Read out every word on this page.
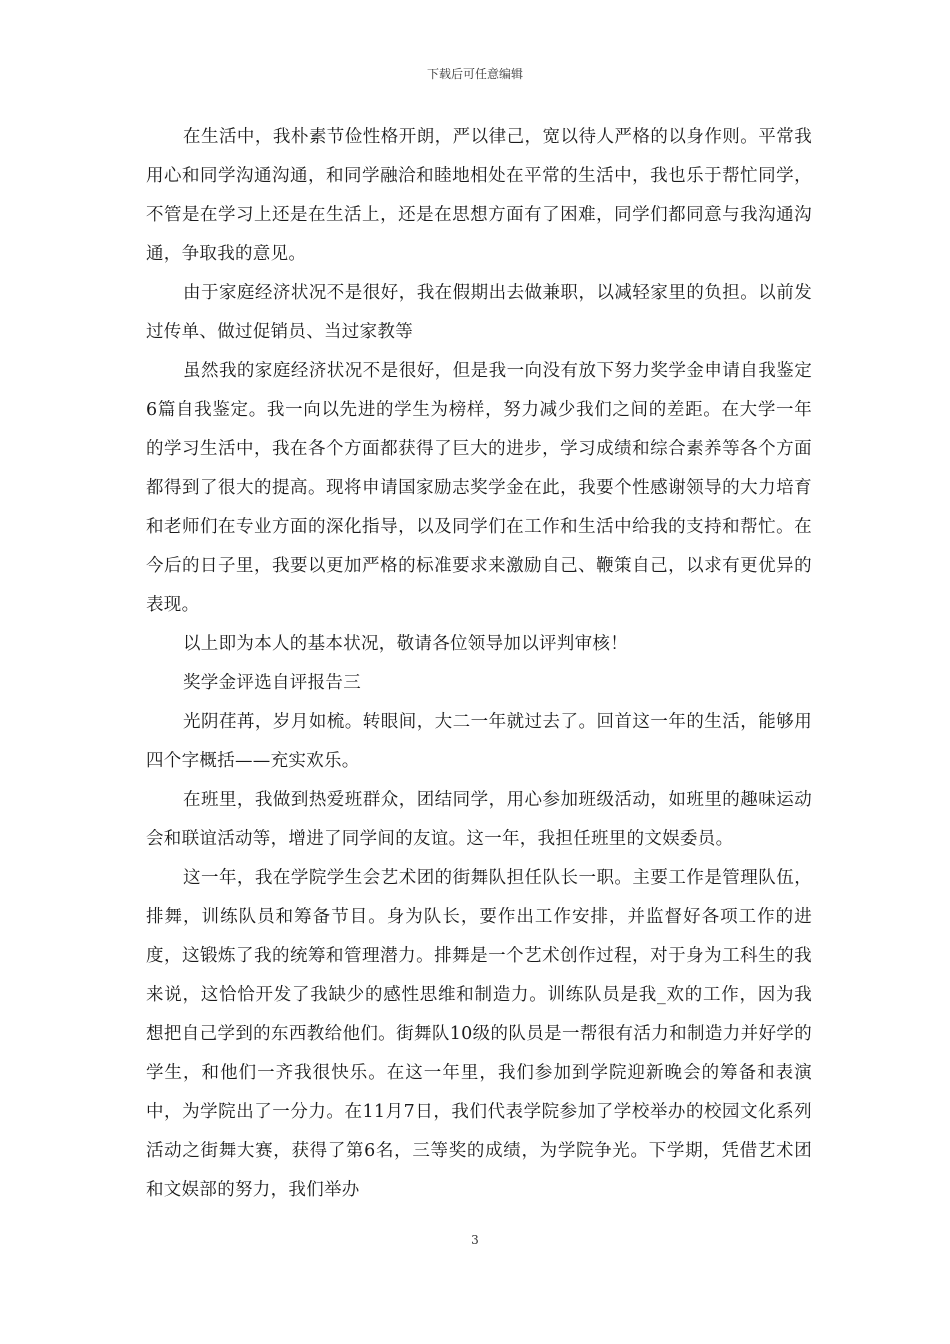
下载后可任意编辑

在生活中，我朴素节俭性格开朗，严以律己，宽以待人严格的以身作则。平常我用心和同学沟通沟通，和同学融洽和睦地相处在平常的生活中，我也乐于帮忙同学，不管是在学习上还是在生活上，还是在思想方面有了困难，同学们都同意与我沟通沟通，争取我的意见。

由于家庭经济状况不是很好，我在假期出去做兼职，以减轻家里的负担。以前发过传单、做过促销员、当过家教等

虽然我的家庭经济状况不是很好，但是我一向没有放下努力奖学金申请自我鉴定6篇自我鉴定。我一向以先进的学生为榜样，努力减少我们之间的差距。在大学一年的学习生活中，我在各个方面都获得了巨大的进步，学习成绩和综合素养等各个方面都得到了很大的提高。现将申请国家励志奖学金在此，我要个性感谢领导的大力培育和老师们在专业方面的深化指导，以及同学们在工作和生活中给我的支持和帮忙。在今后的日子里，我要以更加严格的标准要求来激励自己、鞭策自己，以求有更优异的表现。

以上即为本人的基本状况，敬请各位领导加以评判审核！

奖学金评选自评报告三

光阴荏苒，岁月如梳。转眼间，大二一年就过去了。回首这一年的生活，能够用四个字概括——充实欢乐。

在班里，我做到热爱班群众，团结同学，用心参加班级活动，如班里的趣味运动会和联谊活动等，增进了同学间的友谊。这一年，我担任班里的文娱委员。

这一年，我在学院学生会艺术团的街舞队担任队长一职。主要工作是管理队伍，排舞，训练队员和筹备节目。身为队长，要作出工作安排，并监督好各项工作的进度，这锻炼了我的统筹和管理潜力。排舞是一个艺术创作过程，对于身为工科生的我来说，这恰恰开发了我缺少的感性思维和制造力。训练队员是我_欢的工作，因为我想把自己学到的东西教给他们。街舞队10级的队员是一帮很有活力和制造力并好学的学生，和他们一齐我很快乐。在这一年里，我们参加到学院迎新晚会的筹备和表演中，为学院出了一分力。在11月7日，我们代表学院参加了学校举办的校园文化系列活动之街舞大赛，获得了第6名，三等奖的成绩，为学院争光。下学期，凭借艺术团和文娱部的努力，我们举办

3
